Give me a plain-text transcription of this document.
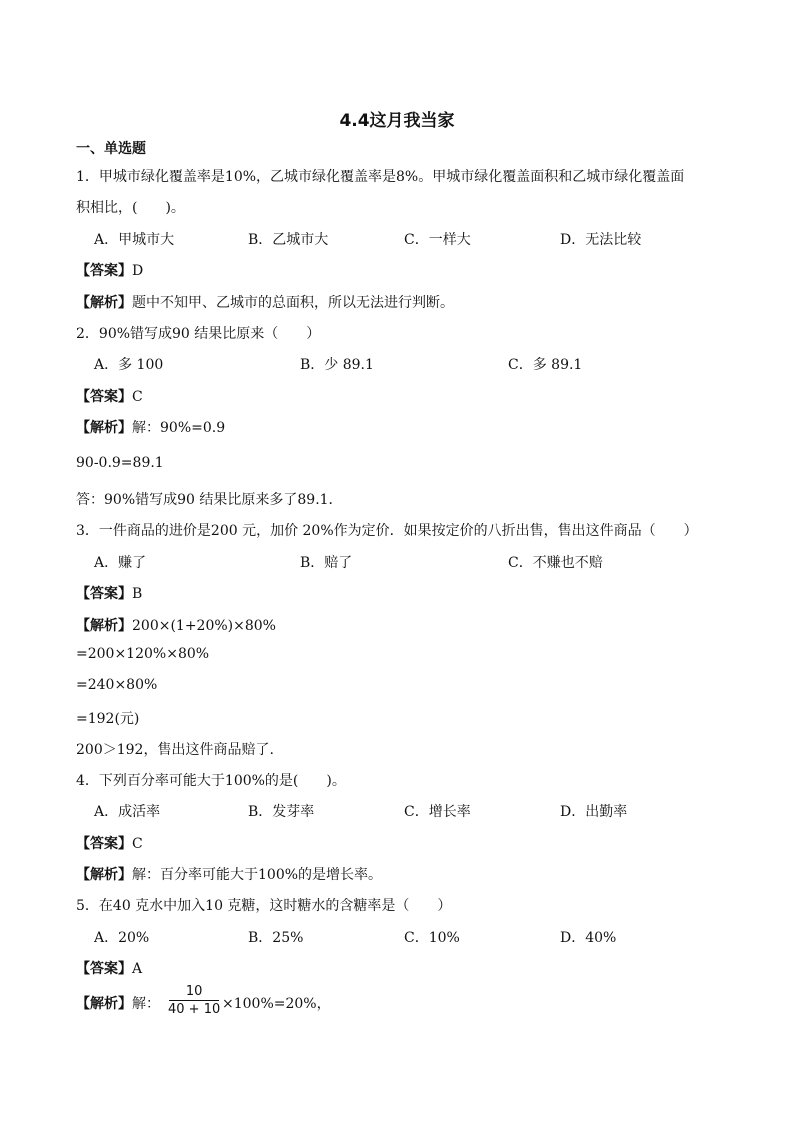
4.4这月我当家
一、单选题
1．甲城市绿化覆盖率是10%，乙城市绿化覆盖率是8%。甲城市绿化覆盖面积和乙城市绿化覆盖面
积相比，(　　)。
A．甲城市大	B．乙城市大	C．一样大	D．无法比较
【答案】D
【解析】题中不知甲、乙城市的总面积，所以无法进行判断。
2．90%错写成90 结果比原来（　　）
A．多 100	B．少 89.1	C．多 89.1
【答案】C
【解析】解：90%=0.9
90-0.9=89.1
答：90%错写成90 结果比原来多了89.1．
3．一件商品的进价是200 元，加价 20%作为定价．如果按定价的八折出售，售出这件商品（　　）
A．赚了	B．赔了	C．不赚也不赔
【答案】B
【解析】200×(1+20%)×80%
=200×120%×80%
=240×80%
=192(元)
200＞192，售出这件商品赔了.
4．下列百分率可能大于100%的是(　　)。
A．成活率	B．发芽率	C．增长率	D．出勤率
【答案】C
【解析】解：百分率可能大于100%的是增长率。
5．在40 克水中加入10 克糖，这时糖水的含糖率是（　　）
A．20%	B．25%	C．10%	D．40%
【答案】A
【解析】解：
10
40 + 10 ×100%=20%，
